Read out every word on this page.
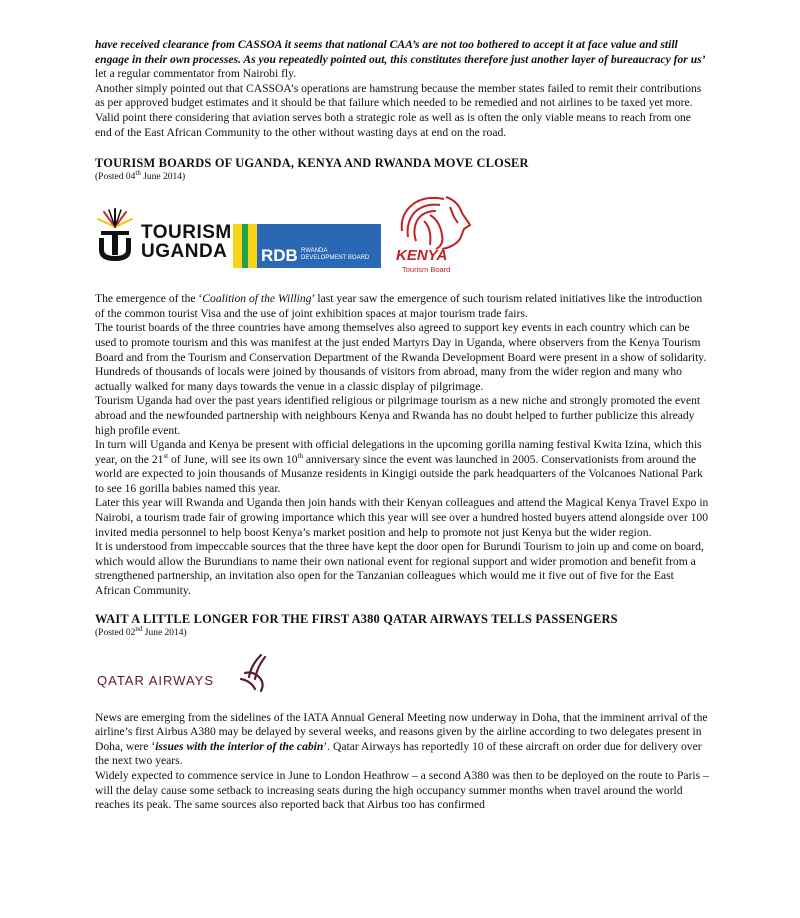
have received clearance from CASSOA it seems that national CAA’s are not too bothered to accept it at face value and still engage in their own processes. As you repeatedly pointed out, this constitutes therefore just another layer of bureaucracy for us’ let a regular commentator from Nairobi fly.

Another simply pointed out that CASSOA’s operations are hamstrung because the member states failed to remit their contributions as per approved budget estimates and it should be that failure which needed to be remedied and not airlines to be taxed yet more. Valid point there considering that aviation serves both a strategic role as well as is often the only viable means to reach from one end of the East African Community to the other without wasting days at end on the road.

TOURISM BOARDS OF UGANDA, KENYA AND RWANDA MOVE CLOSER

(Posted 04th June 2014)

TOURISM
UGANDA RDB RWANDA
DEVELOPMENT BOARD KENYA
Tourism Board

The emergence of the ‘Coalition of the Willing’ last year saw the emergence of such tourism related initiatives like the introduction of the common tourist Visa and the use of joint exhibition spaces at major tourism trade fairs.

The tourist boards of the three countries have among themselves also agreed to support key events in each country which can be used to promote tourism and this was manifest at the just ended Martyrs Day in Uganda, where observers from the Kenya Tourism Board and from the Tourism and Conservation Department of the Rwanda Development Board were present in a show of solidarity. Hundreds of thousands of locals were joined by thousands of visitors from abroad, many from the wider region and many who actually walked for many days towards the venue in a classic display of pilgrimage.

Tourism Uganda had over the past years identified religious or pilgrimage tourism as a new niche and strongly promoted the event abroad and the newfounded partnership with neighbours Kenya and Rwanda has no doubt helped to further publicize this already high profile event.

In turn will Uganda and Kenya be present with official delegations in the upcoming gorilla naming festival Kwita Izina, which this year, on the 21st of June, will see its own 10th anniversary since the event was launched in 2005. Conservationists from around the world are expected to join thousands of Musanze residents in Kingigi outside the park headquarters of the Volcanoes National Park to see 16 gorilla babies named this year.

Later this year will Rwanda and Uganda then join hands with their Kenyan colleagues and attend the Magical Kenya Travel Expo in Nairobi, a tourism trade fair of growing importance which this year will see over a hundred hosted buyers attend alongside over 100 invited media personnel to help boost Kenya’s market position and help to promote not just Kenya but the wider region.

It is understood from impeccable sources that the three have kept the door open for Burundi Tourism to join up and come on board, which would allow the Burundians to name their own national event for regional support and wider promotion and benefit from a strengthened partnership, an invitation also open for the Tanzanian colleagues which would me it five out of five for the East African Community.

WAIT A LITTLE LONGER FOR THE FIRST A380 QATAR AIRWAYS TELLS PASSENGERS

(Posted 02nd June 2014)

QATAR AIRWAYS

News are emerging from the sidelines of the IATA Annual General Meeting now underway in Doha, that the imminent arrival of the airline’s first Airbus A380 may be delayed by several weeks, and reasons given by the airline according to two delegates present in Doha, were ‘issues with the interior of the cabin’. Qatar Airways has reportedly 10 of these aircraft on order due for delivery over the next two years.

Widely expected to commence service in June to London Heathrow – a second A380 was then to be deployed on the route to Paris – will the delay cause some setback to increasing seats during the high occupancy summer months when travel around the world reaches its peak. The same sources also reported back that Airbus too has confirmed
